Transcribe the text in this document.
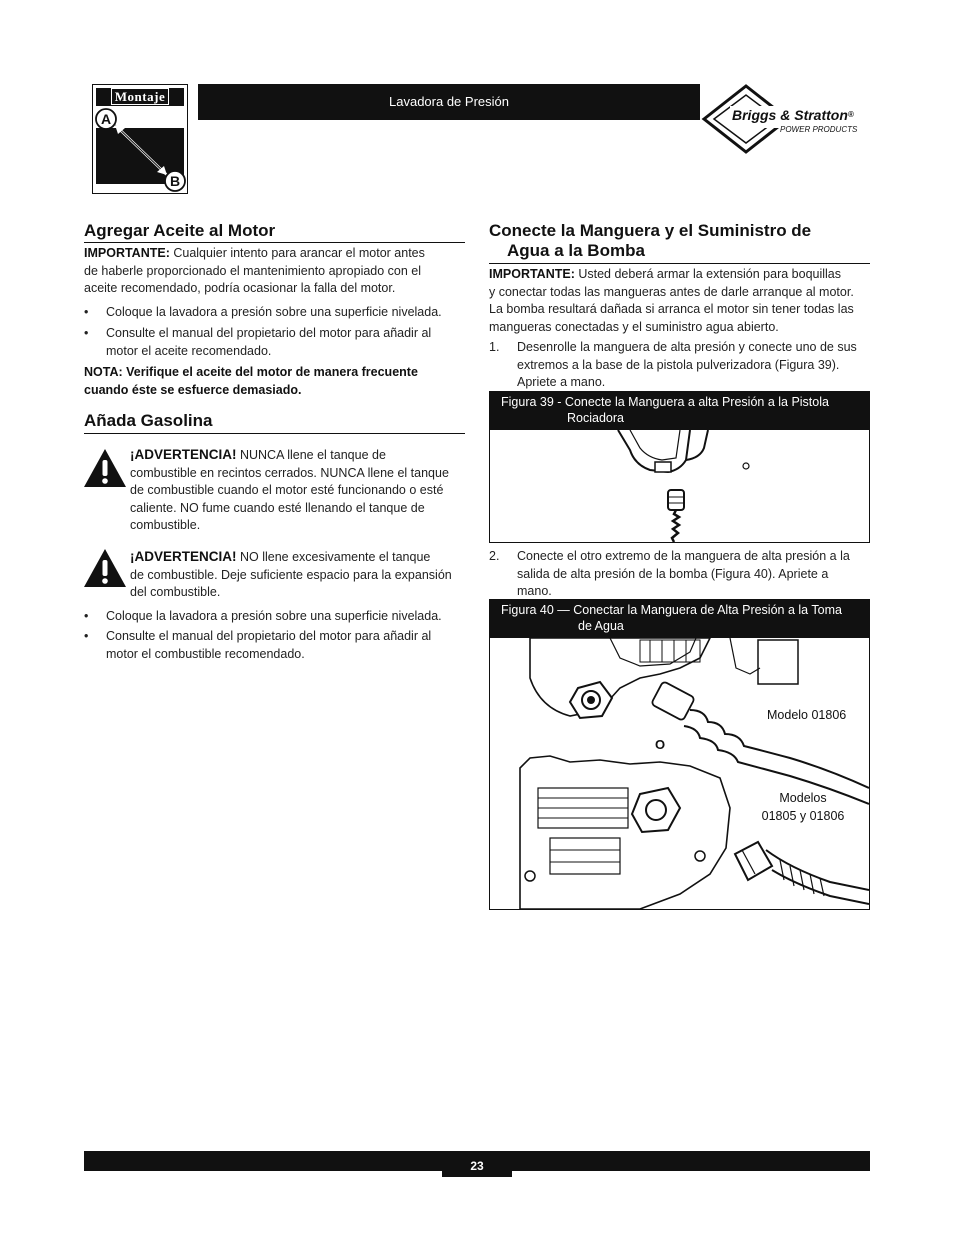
Montaje
A
B
Lavadora de Presión
Briggs & Stratton®
POWER PRODUCTS
Agregar Aceite al Motor
IMPORTANTE: Cualquier intento para arancar el motor antes
de haberle proporcionado el mantenimiento apropiado con el
aceite recomendado, podría ocasionar la falla del motor.
• Coloque la lavadora a presión sobre una superficie nivelada.
• Consulte el manual del propietario del motor para añadir al
motor el aceite recomendado.
NOTA: Verifique el aceite del motor de manera frecuente
cuando éste se esfuerce demasiado.
Añada Gasolina
¡ADVERTENCIA! NUNCA llene el tanque de
combustible en recintos cerrados. NUNCA llene el tanque
de combustible cuando el motor esté funcionando o esté
caliente. NO fume cuando esté llenando el tanque de
combustible.
¡ADVERTENCIA! NO llene excesivamente el tanque
de combustible. Deje suficiente espacio para la expansión
del combustible.
• Coloque la lavadora a presión sobre una superficie nivelada.
• Consulte el manual del propietario del motor para añadir al
motor el combustible recomendado.
Conecte la Manguera y el Suministro de
Agua a la Bomba
IMPORTANTE: Usted deberá armar la extensión para boquillas
y conectar todas las mangueras antes de darle arranque al motor.
La bomba resultará dañada si arranca el motor sin tener todas las
mangueras conectadas y el suministro agua abierto.
1. Desenrolle la manguera de alta presión y conecte uno de sus
extremos a la base de la pistola pulverizadora (Figura 39).
Apriete a mano.
Figura 39 - Conecte la Manguera a alta Presión a la Pistola
Rociadora
2. Conecte el otro extremo de la manguera de alta presión a la
salida de alta presión de la bomba (Figura 40). Apriete a
mano.
Figura 40 — Conectar la Manguera de Alta Presión a la Toma
de Agua
Modelo 01806
O
Modelos
01805 y 01806
23
